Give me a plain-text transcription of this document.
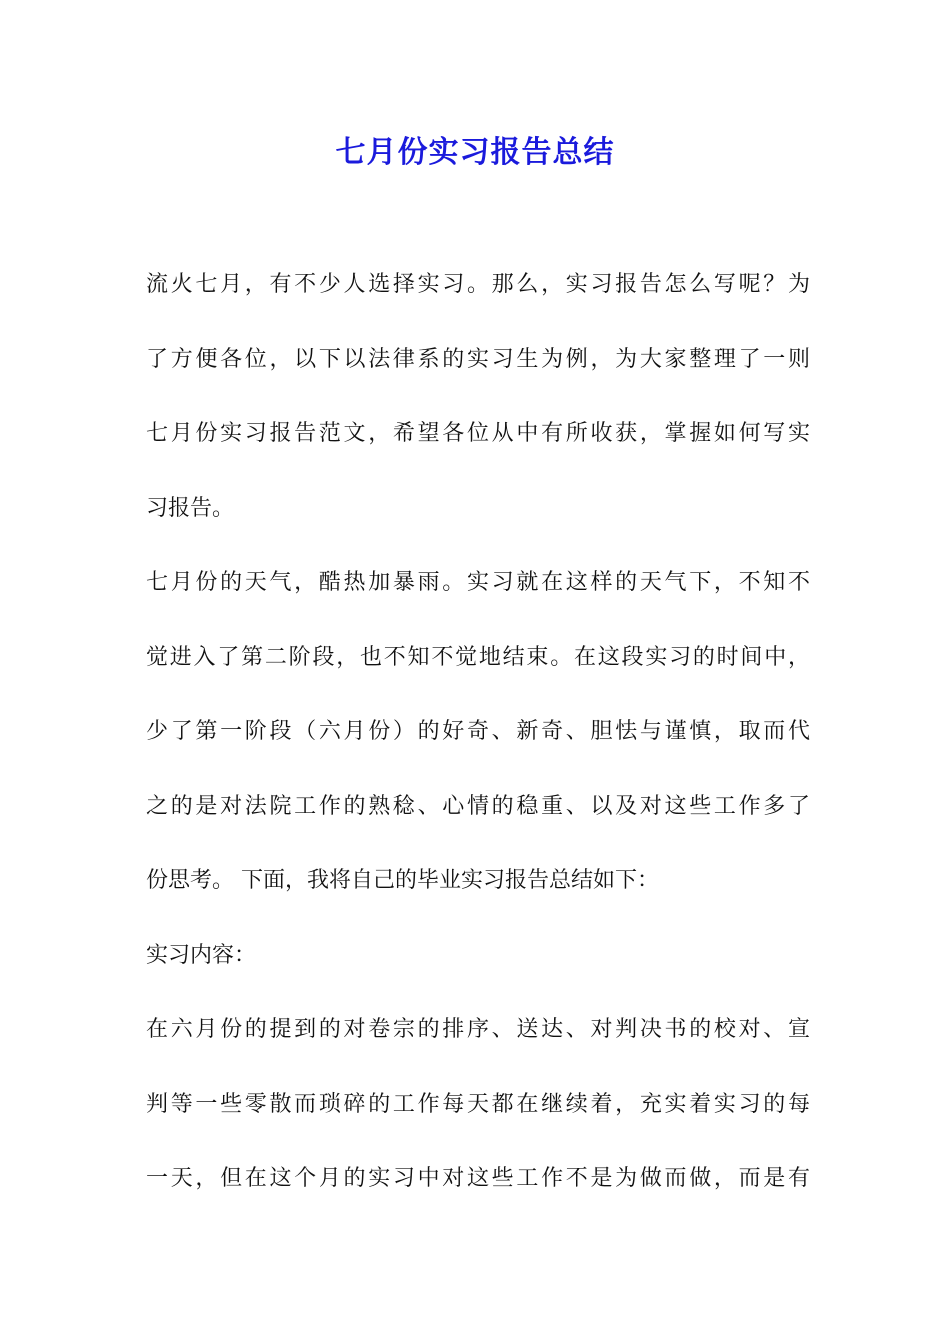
七月份实习报告总结
流火七月，有不少人选择实习。那么，实习报告怎么写呢？为
了方便各位，以下以法律系的实习生为例，为大家整理了一则
七月份实习报告范文，希望各位从中有所收获，掌握如何写实
习报告。
七月份的天气，酷热加暴雨。实习就在这样的天气下，不知不
觉进入了第二阶段，也不知不觉地结束。在这段实习的时间中，
少了第一阶段（六月份）的好奇、新奇、胆怯与谨慎，取而代
之的是对法院工作的熟稔、心情的稳重、以及对这些工作多了
份思考。 下面，我将自己的毕业实习报告总结如下：
实习内容：
在六月份的提到的对卷宗的排序、送达、对判决书的校对、宣
判等一些零散而琐碎的工作每天都在继续着，充实着实习的每
一天，但在这个月的实习中对这些工作不是为做而做，而是有
